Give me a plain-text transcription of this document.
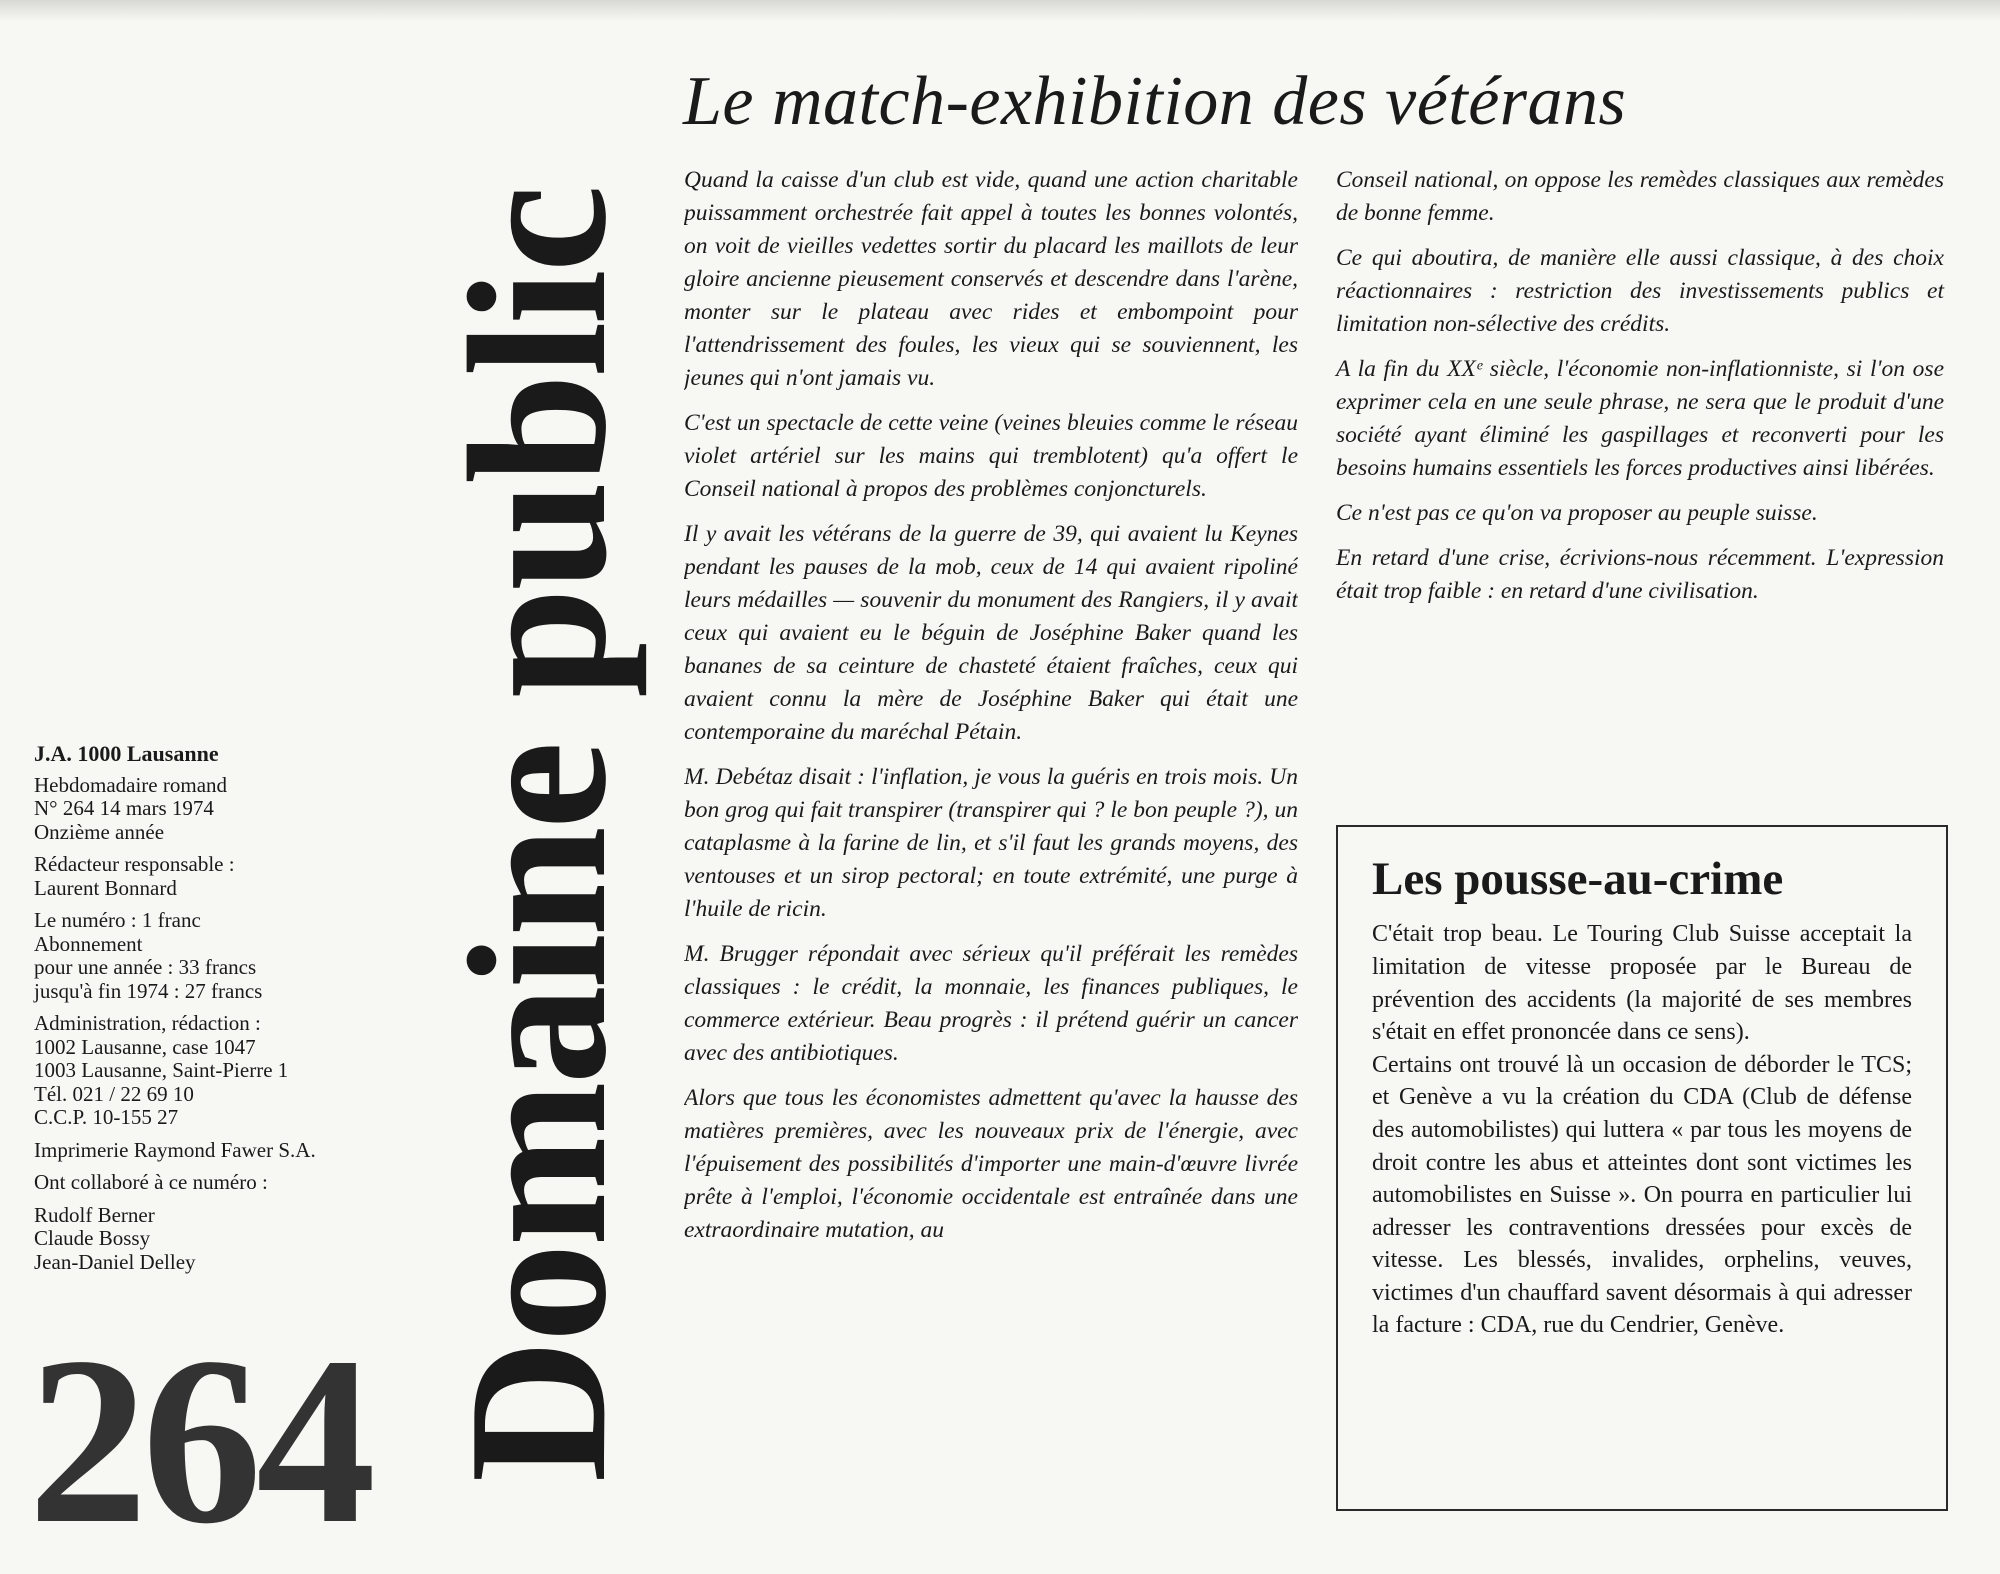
Le match-exhibition des vétérans
Domaine public

J.A. 1000 Lausanne

Hebdomadaire romand
N° 264 14 mars 1974
Onzième année

Rédacteur responsable :
Laurent Bonnard

Le numéro : 1 franc
Abonnement
pour une année : 33 francs
jusqu'à fin 1974 : 27 francs

Administration, rédaction :
1002 Lausanne, case 1047
1003 Lausanne, Saint-Pierre 1
Tél. 021 / 22 69 10
C.C.P. 10-155 27

Imprimerie Raymond Fawer S.A.

Ont collaboré à ce numéro :

Rudolf Berner
Claude Bossy
Jean-Daniel Delley

264

Quand la caisse d'un club est vide, quand une action charitable puissamment orchestrée fait appel à toutes les bonnes volontés, on voit de vieilles vedettes sortir du placard les maillots de leur gloire ancienne pieusement conservés et descendre dans l'arène, monter sur le plateau avec rides et embompoint pour l'attendrissement des foules, les vieux qui se souviennent, les jeunes qui n'ont jamais vu.

C'est un spectacle de cette veine (veines bleuies comme le réseau violet artériel sur les mains qui tremblotent) qu'a offert le Conseil national à propos des problèmes conjoncturels.

Il y avait les vétérans de la guerre de 39, qui avaient lu Keynes pendant les pauses de la mob, ceux de 14 qui avaient ripoliné leurs médailles — souvenir du monument des Rangiers, il y avait ceux qui avaient eu le béguin de Joséphine Baker quand les bananes de sa ceinture de chasteté étaient fraîches, ceux qui avaient connu la mère de Joséphine Baker qui était une contemporaine du maréchal Pétain.

M. Debétaz disait : l'inflation, je vous la guéris en trois mois. Un bon grog qui fait transpirer (transpirer qui ? le bon peuple ?), un cataplasme à la farine de lin, et s'il faut les grands moyens, des ventouses et un sirop pectoral; en toute extrémité, une purge à l'huile de ricin.

M. Brugger répondait avec sérieux qu'il préférait les remèdes classiques : le crédit, la monnaie, les finances publiques, le commerce extérieur. Beau progrès : il prétend guérir un cancer avec des antibiotiques.

Alors que tous les économistes admettent qu'avec la hausse des matières premières, avec les nouveaux prix de l'énergie, avec l'épuisement des possibilités d'importer une main-d'œuvre livrée prête à l'emploi, l'économie occidentale est entraînée dans une extraordinaire mutation, au

Conseil national, on oppose les remèdes classiques aux remèdes de bonne femme.

Ce qui aboutira, de manière elle aussi classique, à des choix réactionnaires : restriction des investissements publics et limitation non-sélective des crédits.

A la fin du XXᵉ siècle, l'économie non-inflationniste, si l'on ose exprimer cela en une seule phrase, ne sera que le produit d'une société ayant éliminé les gaspillages et reconverti pour les besoins humains essentiels les forces productives ainsi libérées.

Ce n'est pas ce qu'on va proposer au peuple suisse.

En retard d'une crise, écrivions-nous récemment. L'expression était trop faible : en retard d'une civilisation.

Les pousse-au-crime

C'était trop beau. Le Touring Club Suisse acceptait la limitation de vitesse proposée par le Bureau de prévention des accidents (la majorité de ses membres s'était en effet prononcée dans ce sens).

Certains ont trouvé là un occasion de déborder le TCS; et Genève a vu la création du CDA (Club de défense des automobilistes) qui luttera « par tous les moyens de droit contre les abus et atteintes dont sont victimes les automobilistes en Suisse ». On pourra en particulier lui adresser les contraventions dressées pour excès de vitesse. Les blessés, invalides, orphelins, veuves, victimes d'un chauffard savent désormais à qui adresser la facture : CDA, rue du Cendrier, Genève.
